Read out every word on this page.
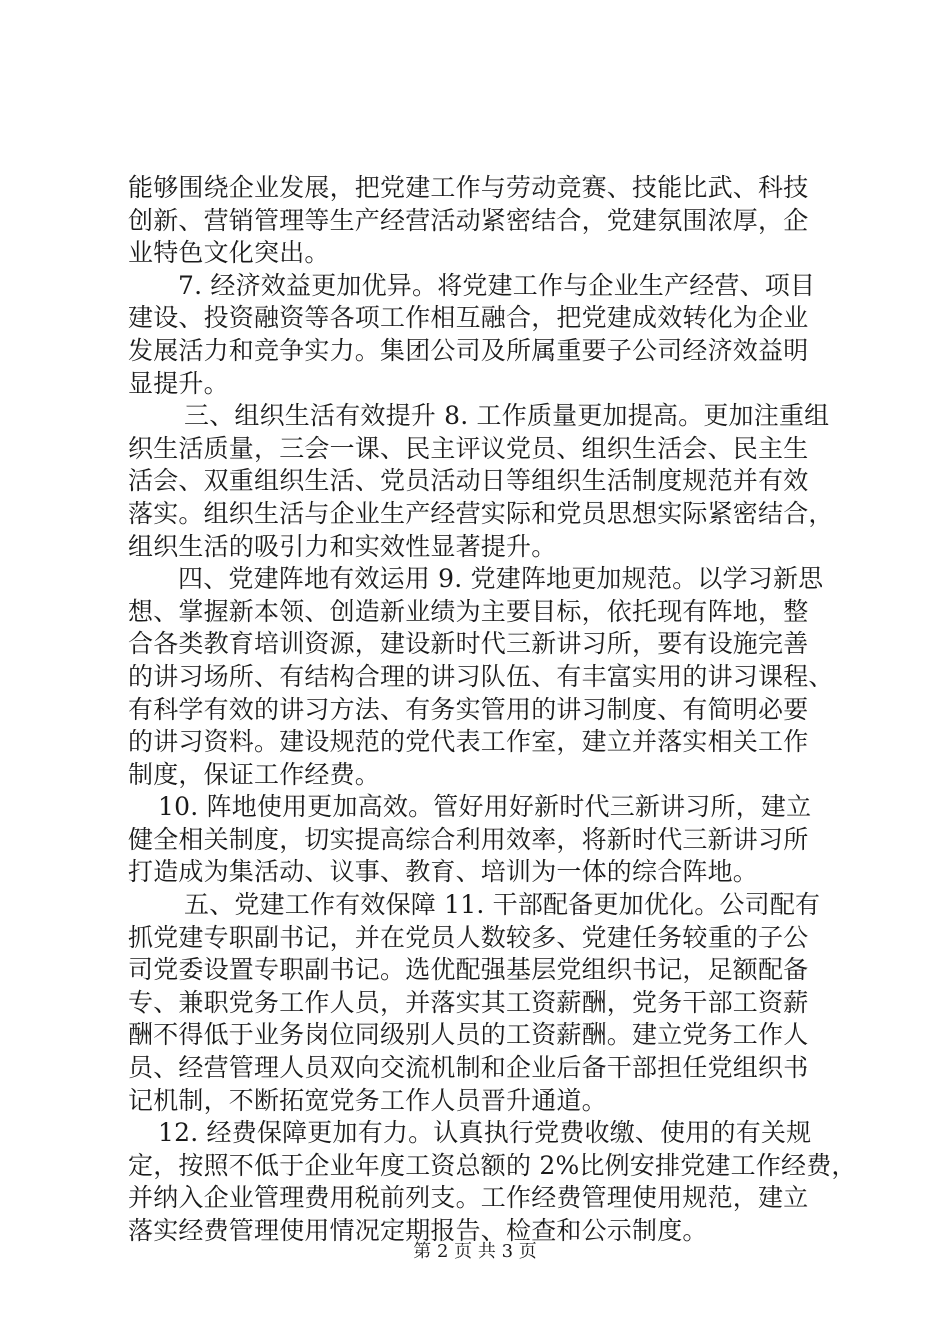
能够围绕企业发展，把党建工作与劳动竞赛、技能比武、科技
创新、营销管理等生产经营活动紧密结合，党建氛围浓厚，企
业特色文化突出。
7. 经济效益更加优异。将党建工作与企业生产经营、项目
建设、投资融资等各项工作相互融合，把党建成效转化为企业
发展活力和竞争实力。集团公司及所属重要子公司经济效益明
显提升。
三、组织生活有效提升 8. 工作质量更加提高。更加注重组
织生活质量，三会一课、民主评议党员、组织生活会、民主生
活会、双重组织生活、党员活动日等组织生活制度规范并有效
落实。组织生活与企业生产经营实际和党员思想实际紧密结合，
组织生活的吸引力和实效性显著提升。
四、党建阵地有效运用 9. 党建阵地更加规范。以学习新思
想、掌握新本领、创造新业绩为主要目标，依托现有阵地，整
合各类教育培训资源，建设新时代三新讲习所，要有设施完善
的讲习场所、有结构合理的讲习队伍、有丰富实用的讲习课程、
有科学有效的讲习方法、有务实管用的讲习制度、有简明必要
的讲习资料。建设规范的党代表工作室，建立并落实相关工作
制度，保证工作经费。
10. 阵地使用更加高效。管好用好新时代三新讲习所，建立
健全相关制度，切实提高综合利用效率，将新时代三新讲习所
打造成为集活动、议事、教育、培训为一体的综合阵地。
五、党建工作有效保障 11. 干部配备更加优化。公司配有
抓党建专职副书记，并在党员人数较多、党建任务较重的子公
司党委设置专职副书记。选优配强基层党组织书记，足额配备
专、兼职党务工作人员，并落实其工资薪酬，党务干部工资薪
酬不得低于业务岗位同级别人员的工资薪酬。建立党务工作人
员、经营管理人员双向交流机制和企业后备干部担任党组织书
记机制，不断拓宽党务工作人员晋升通道。
12. 经费保障更加有力。认真执行党费收缴、使用的有关规
定，按照不低于企业年度工资总额的 2%比例安排党建工作经费，
并纳入企业管理费用税前列支。工作经费管理使用规范，建立
落实经费管理使用情况定期报告、检查和公示制度。
第 2 页 共 3 页
